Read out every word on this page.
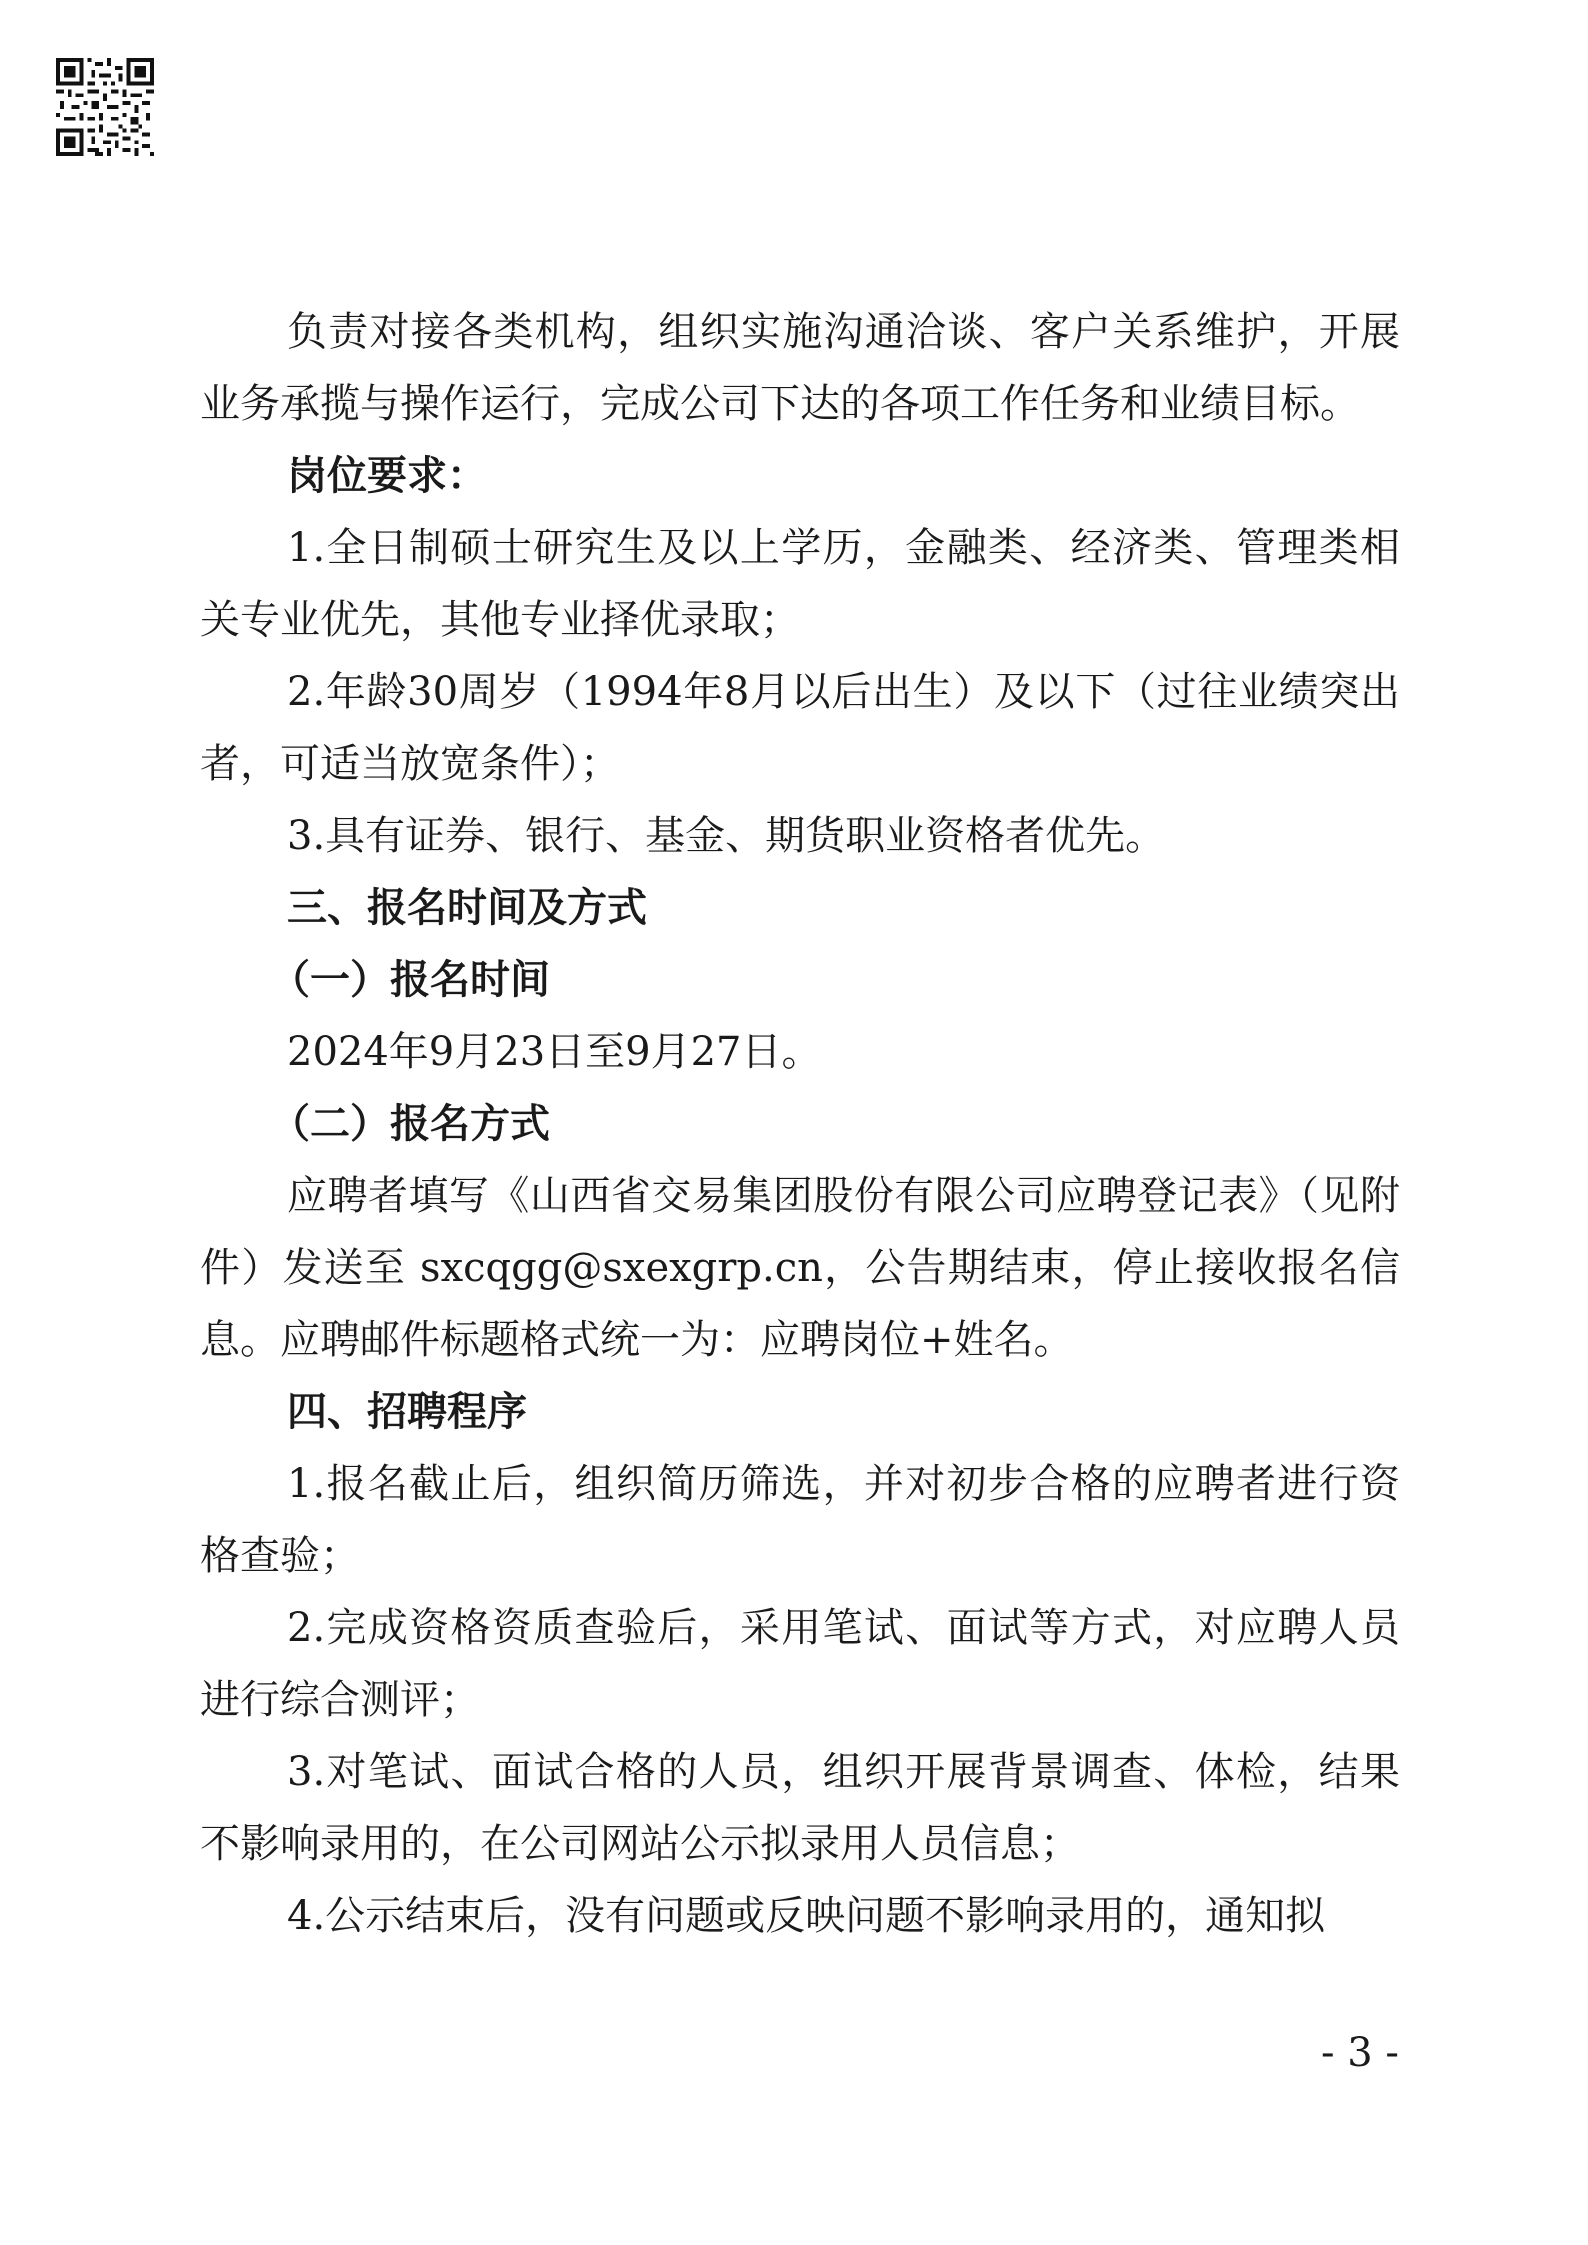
负责对接各类机构，组织实施沟通洽谈、客户关系维护，开展业务承揽与操作运行，完成公司下达的各项工作任务和业绩目标。

岗位要求：

1.全日制硕士研究生及以上学历，金融类、经济类、管理类相关专业优先，其他专业择优录取；

2.年龄30周岁（1994年8月以后出生）及以下（过往业绩突出者，可适当放宽条件）；

3.具有证券、银行、基金、期货职业资格者优先。

三、报名时间及方式

（一）报名时间

2024年9月23日至9月27日。

（二）报名方式

应聘者填写《山西省交易集团股份有限公司应聘登记表》（见附件）发送至 sxcqgg@sxexgrp.cn，公告期结束，停止接收报名信息。应聘邮件标题格式统一为：应聘岗位+姓名。

四、招聘程序

1.报名截止后，组织简历筛选，并对初步合格的应聘者进行资格查验；

2.完成资格资质查验后，采用笔试、面试等方式，对应聘人员进行综合测评；

3.对笔试、面试合格的人员，组织开展背景调查、体检，结果不影响录用的，在公司网站公示拟录用人员信息；

4.公示结束后，没有问题或反映问题不影响录用的，通知拟

- 3 -
